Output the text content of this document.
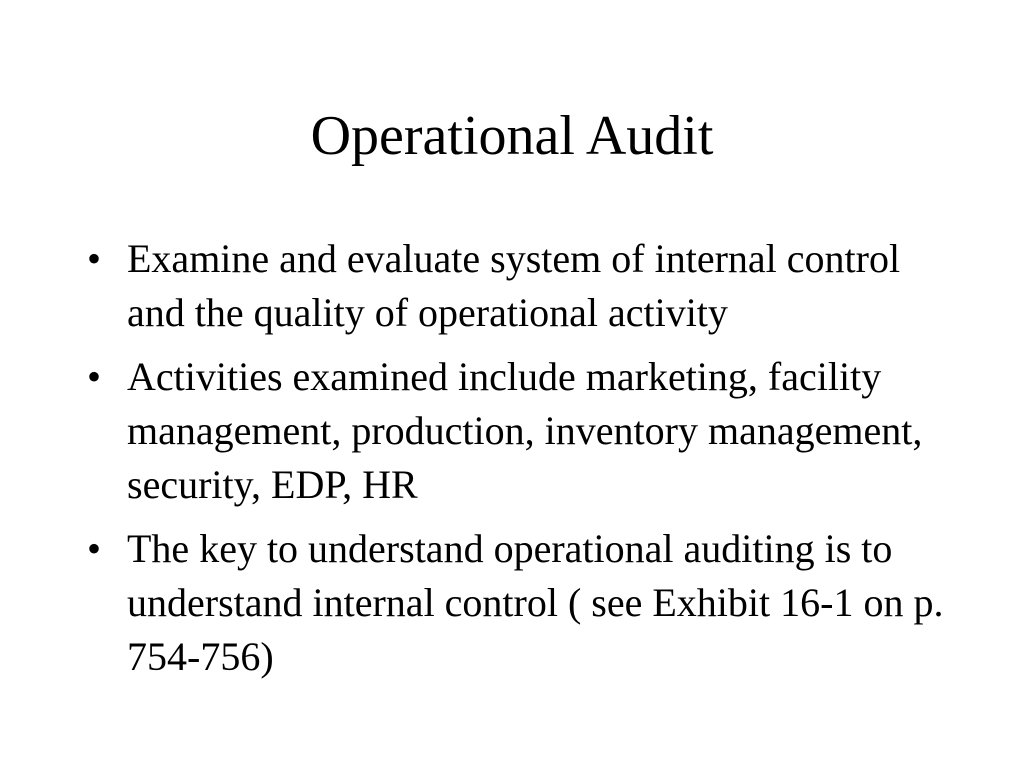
Operational Audit
• Examine and evaluate system of internal control and the quality of operational activity
• Activities examined include marketing, facility management, production, inventory management, security, EDP, HR
• The key to understand operational auditing is to understand internal control ( see Exhibit 16-1 on p. 754-756)
